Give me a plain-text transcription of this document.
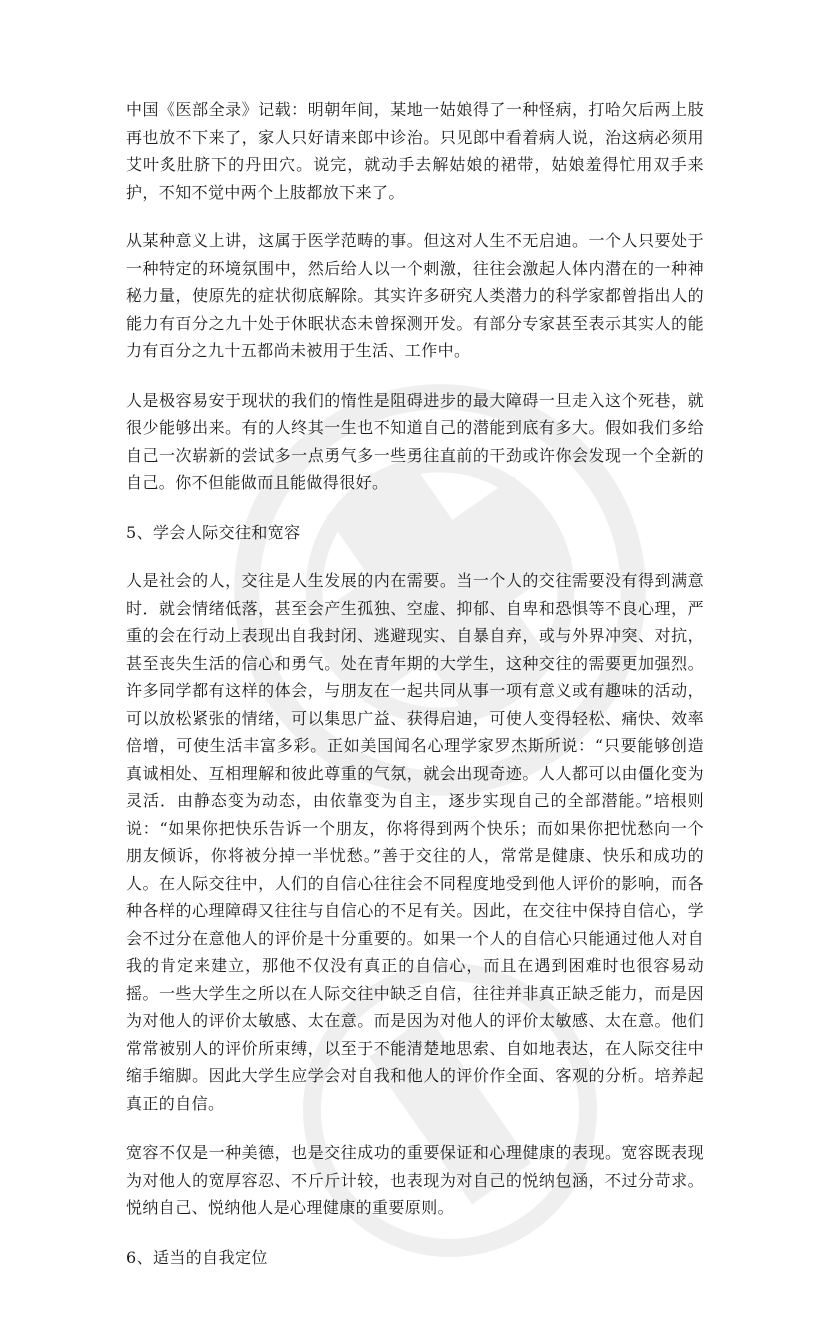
中国《医部全录》记载：明朝年间，某地一姑娘得了一种怪病，打哈欠后两上肢再也放不下来了，家人只好请来郎中诊治。只见郎中看着病人说，治这病必须用艾叶炙肚脐下的丹田穴。说完，就动手去解姑娘的裙带，姑娘羞得忙用双手来护，不知不觉中两个上肢都放下来了。

从某种意义上讲，这属于医学范畴的事。但这对人生不无启迪。一个人只要处于一种特定的环境氛围中，然后给人以一个刺激，往往会激起人体内潜在的一种神秘力量，使原先的症状彻底解除。其实许多研究人类潜力的科学家都曾指出人的能力有百分之九十处于休眠状态未曾探测开发。有部分专家甚至表示其实人的能力有百分之九十五都尚未被用于生活、工作中。

人是极容易安于现状的我们的惰性是阻碍进步的最大障碍一旦走入这个死巷，就很少能够出来。有的人终其一生也不知道自己的潜能到底有多大。假如我们多给自己一次崭新的尝试多一点勇气多一些勇往直前的干劲或许你会发现一个全新的自己。你不但能做而且能做得很好。

5、学会人际交往和宽容

人是社会的人，交往是人生发展的内在需要。当一个人的交往需要没有得到满意时．就会情绪低落，甚至会产生孤独、空虚、抑郁、自卑和恐惧等不良心理，严重的会在行动上表现出自我封闭、逃避现实、自暴自弃，或与外界冲突、对抗，甚至丧失生活的信心和勇气。处在青年期的大学生，这种交往的需要更加强烈。许多同学都有这样的体会，与朋友在一起共同从事一项有意义或有趣味的活动，可以放松紧张的情绪，可以集思广益、获得启迪，可使人变得轻松、痛快、效率倍增，可使生活丰富多彩。正如美国闻名心理学家罗杰斯所说：“只要能够创造真诚相处、互相理解和彼此尊重的气氛，就会出现奇迹。人人都可以由僵化变为灵活．由静态变为动态，由依靠变为自主，逐步实现自己的全部潜能。”培根则说：“如果你把快乐告诉一个朋友，你将得到两个快乐；而如果你把忧愁向一个朋友倾诉，你将被分掉一半忧愁。”善于交往的人，常常是健康、快乐和成功的人。在人际交往中，人们的自信心往往会不同程度地受到他人评价的影响，而各种各样的心理障碍又往往与自信心的不足有关。因此，在交往中保持自信心，学会不过分在意他人的评价是十分重要的。如果一个人的自信心只能通过他人对自我的肯定来建立，那他不仅没有真正的自信心，而且在遇到困难时也很容易动摇。一些大学生之所以在人际交往中缺乏自信，往往并非真正缺乏能力，而是因为对他人的评价太敏感、太在意。而是因为对他人的评价太敏感、太在意。他们常常被别人的评价所束缚，以至于不能清楚地思索、自如地表达，在人际交往中缩手缩脚。因此大学生应学会对自我和他人的评价作全面、客观的分析。培养起真正的自信。

宽容不仅是一种美德，也是交往成功的重要保证和心理健康的表现。宽容既表现为对他人的宽厚容忍、不斤斤计较，也表现为对自己的悦纳包涵，不过分苛求。悦纳自己、悦纳他人是心理健康的重要原则。

6、适当的自我定位
